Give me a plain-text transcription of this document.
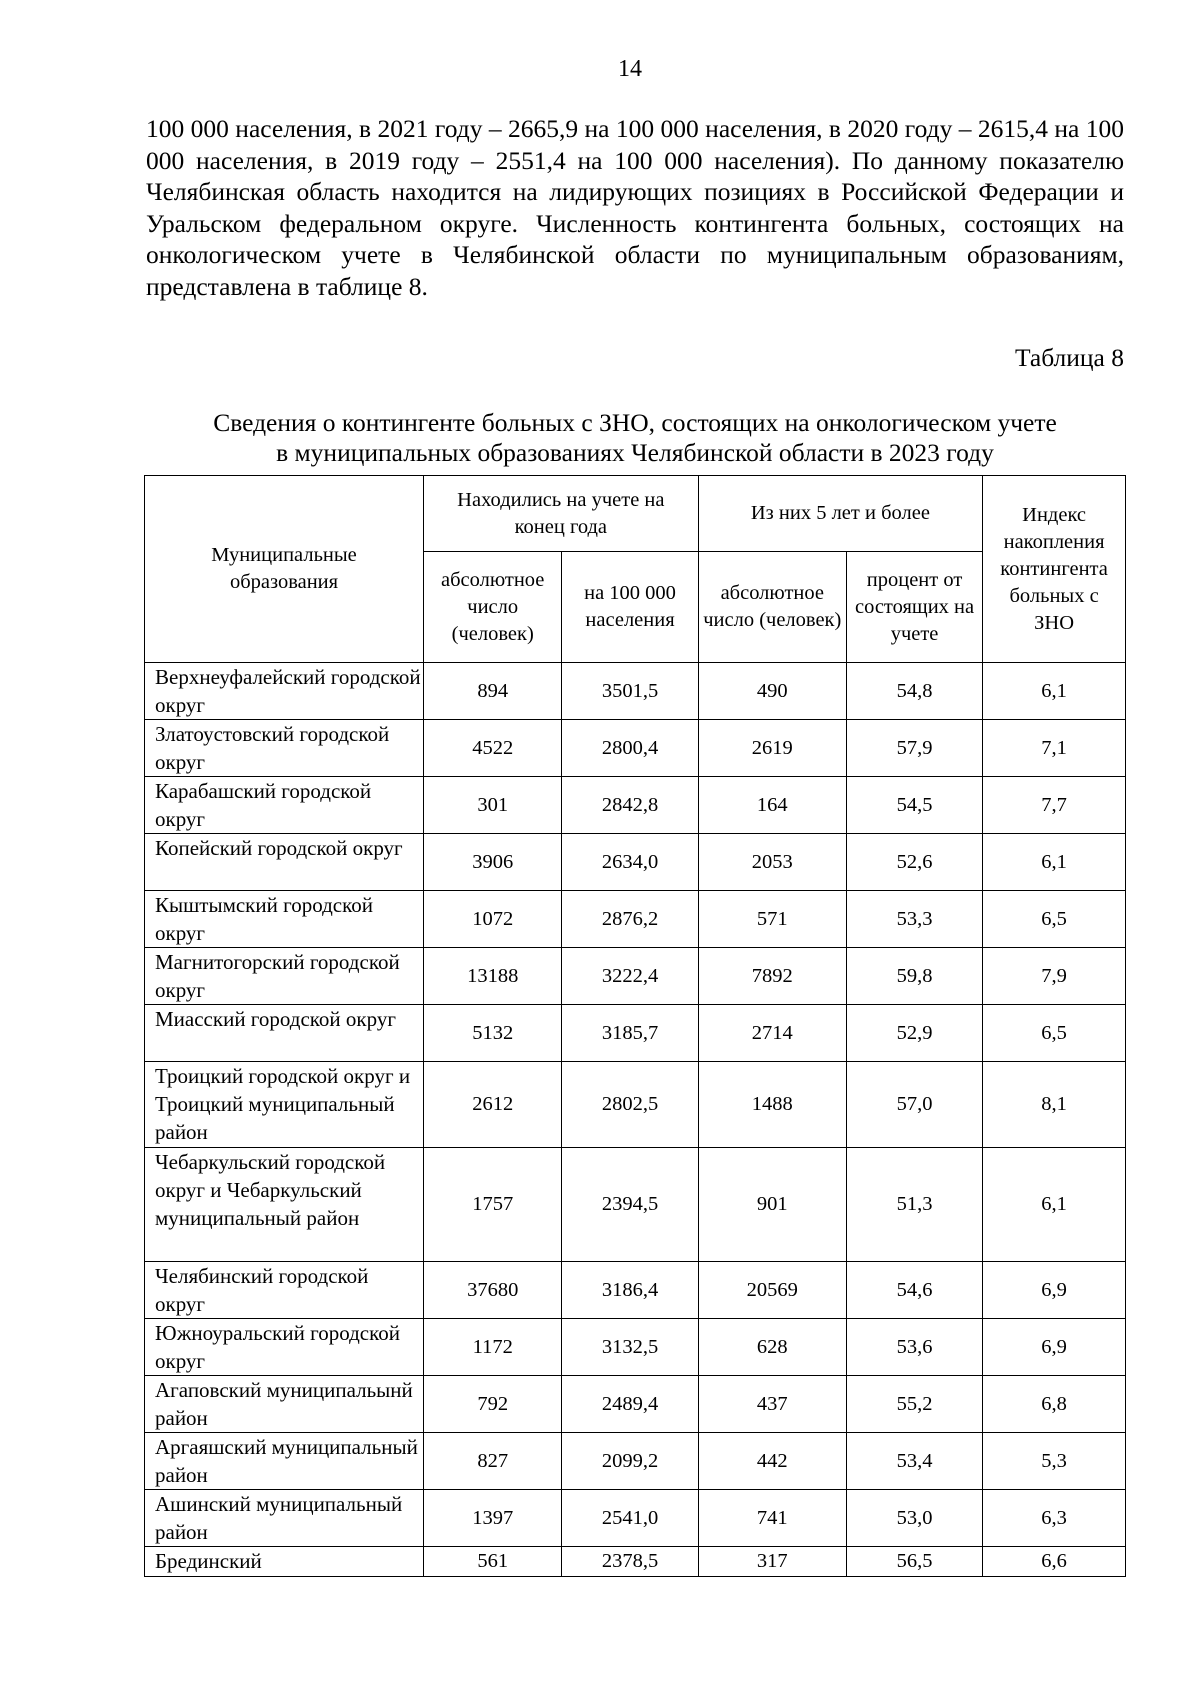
14

100 000 населения, в 2021 году – 2665,9 на 100 000 населения, в 2020 году – 2615,4 на 100 000 населения, в 2019 году – 2551,4 на 100 000 населения). По данному показателю Челябинская область находится на лидирующих позициях в Российской Федерации и Уральском федеральном округе. Численность контингента больных, состоящих на онкологическом учете в Челябинской области по муниципальным образованиям, представлена в таблице 8.

Таблица 8

Сведения о контингенте больных с ЗНО, состоящих на онкологическом учете
в муниципальных образованиях Челябинской области в 2023 году

Муниципальные образования	Находились на учете на конец года		Из них 5 лет и более		Индекс накопления контингента больных с ЗНО
	абсолютное число (человек)	на 100 000 населения	абсолютное число (человек)	процент от состоящих на учете	
Верхнеуфалейский городской округ	894	3501,5	490	54,8	6,1
Златоустовский городской округ	4522	2800,4	2619	57,9	7,1
Карабашский городской округ	301	2842,8	164	54,5	7,7
Копейский городской округ	3906	2634,0	2053	52,6	6,1
Кыштымский городской округ	1072	2876,2	571	53,3	6,5
Магнитогорский городской округ	13188	3222,4	7892	59,8	7,9
Миасский городской округ	5132	3185,7	2714	52,9	6,5
Троицкий городской округ и Троицкий муниципальный район	2612	2802,5	1488	57,0	8,1
Чебаркульский городской округ и Чебаркульский муниципальный район	1757	2394,5	901	51,3	6,1
Челябинский городской округ	37680	3186,4	20569	54,6	6,9
Южноуральский городской округ	1172	3132,5	628	53,6	6,9
Агаповский муниципальынй район	792	2489,4	437	55,2	6,8
Аргаяшский муниципальный район	827	2099,2	442	53,4	5,3
Ашинский муниципальный район	1397	2541,0	741	53,0	6,3
Брединский	561	2378,5	317	56,5	6,6
